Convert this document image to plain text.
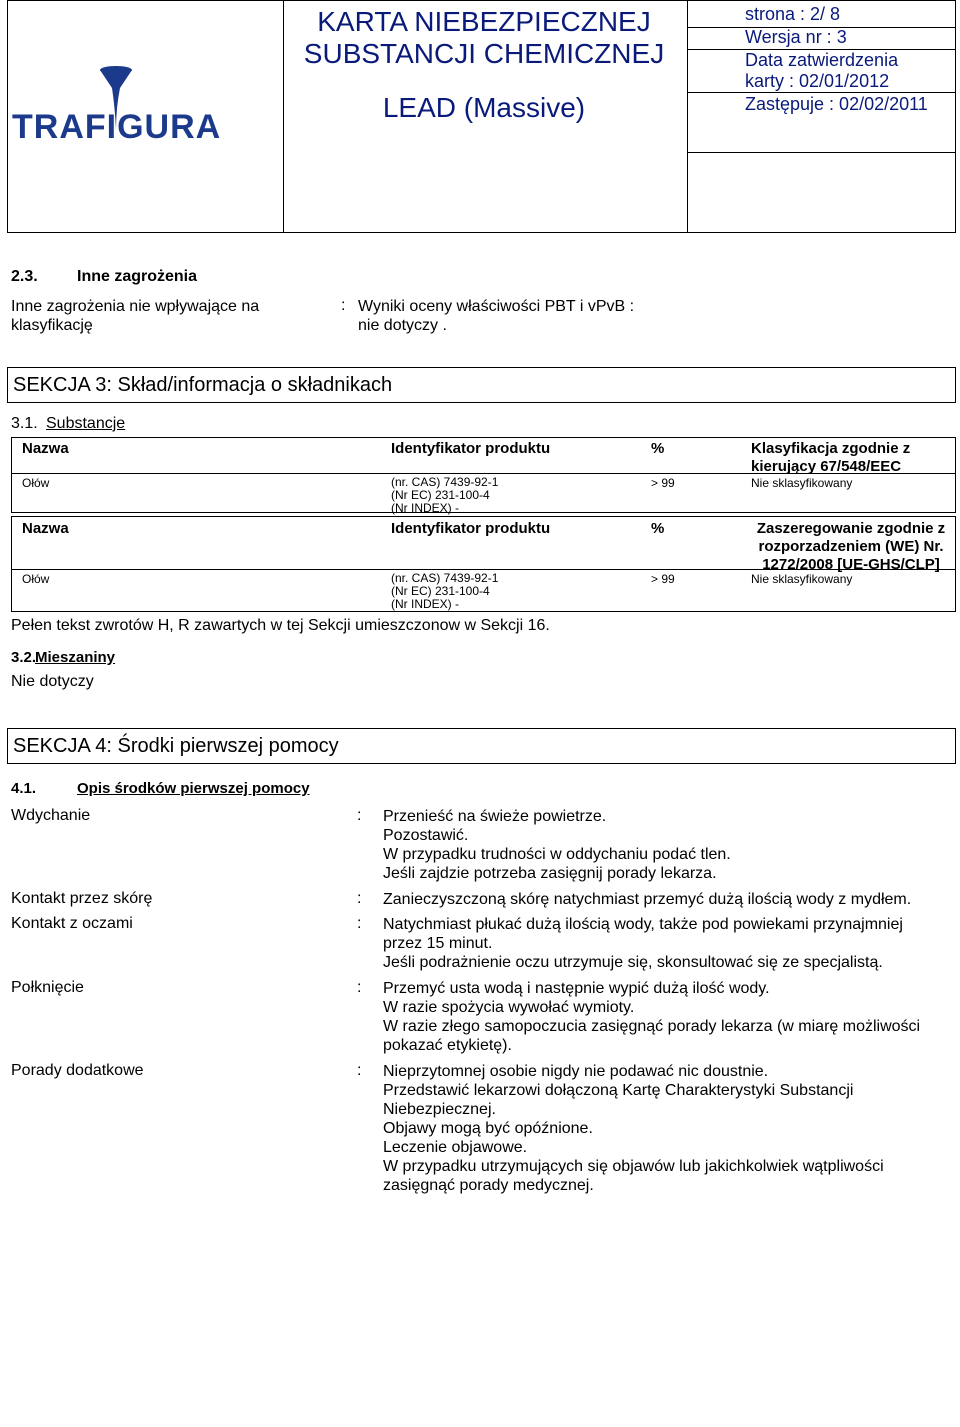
TRAFIGURA
KARTA NIEBEZPIECZNEJ
SUBSTANCJI CHEMICZNEJ
LEAD (Massive)
strona : 2/ 8
Wersja nr : 3
Data zatwierdzenia
karty : 02/01/2012
Zastępuje : 02/02/2011
2.3. Inne zagrożenia
Inne zagrożenia nie wpływające na
klasyfikację
: Wyniki oceny właściwości PBT i vPvB :
nie dotyczy .
SEKCJA 3: Skład/informacja o składnikach
3.1. Substancje
Nazwa	Identyfikator produktu	%	Klasyfikacja zgodnie z
kierujący 67/548/EEC
Ołów	(nr. CAS) 7439-92-1
(Nr EC) 231-100-4
(Nr INDEX) -
> 99	Nie sklasyfikowany
Nazwa	Identyfikator produktu	%	Zaszeregowanie zgodnie z
rozporzadzeniem (WE) Nr.
1272/2008 [UE-GHS/CLP]
Ołów	(nr. CAS) 7439-92-1
(Nr EC) 231-100-4
(Nr INDEX) -
> 99	Nie sklasyfikowany
Pełen tekst zwrotów H, R zawartych w tej Sekcji umieszczonow w Sekcji 16.
3.2.
Mieszaniny
Nie dotyczy
SEKCJA 4: Środki pierwszej pomocy
4.1.	Opis środków pierwszej pomocy
Wdychanie	: Przenieść na świeże powietrze.
Pozostawić.
W przypadku trudności w oddychaniu podać tlen.
Jeśli zajdzie potrzeba zasięgnij porady lekarza.
Kontakt przez skórę	: Zanieczyszczoną skórę natychmiast przemyć dużą ilością wody z mydłem.
Kontakt z oczami	: Natychmiast płukać dużą ilością wody, także pod powiekami przynajmniej
przez 15 minut.
Jeśli podrażnienie oczu utrzymuje się, skonsultować się ze specjalistą.
Połknięcie	: Przemyć usta wodą i następnie wypić dużą ilość wody.
W razie spożycia wywołać wymioty.
W razie złego samopoczucia zasięgnąć porady lekarza (w miarę możliwości
pokazać etykietę).
Porady dodatkowe	: Nieprzytomnej osobie nigdy nie podawać nic doustnie.
Przedstawić lekarzowi dołączoną Kartę Charakterystyki Substancji
Niebezpiecznej.
Objawy mogą być opóźnione.
Leczenie objawowe.
W przypadku utrzymujących się objawów lub jakichkolwiek wątpliwości
zasięgnąć porady medycznej.
